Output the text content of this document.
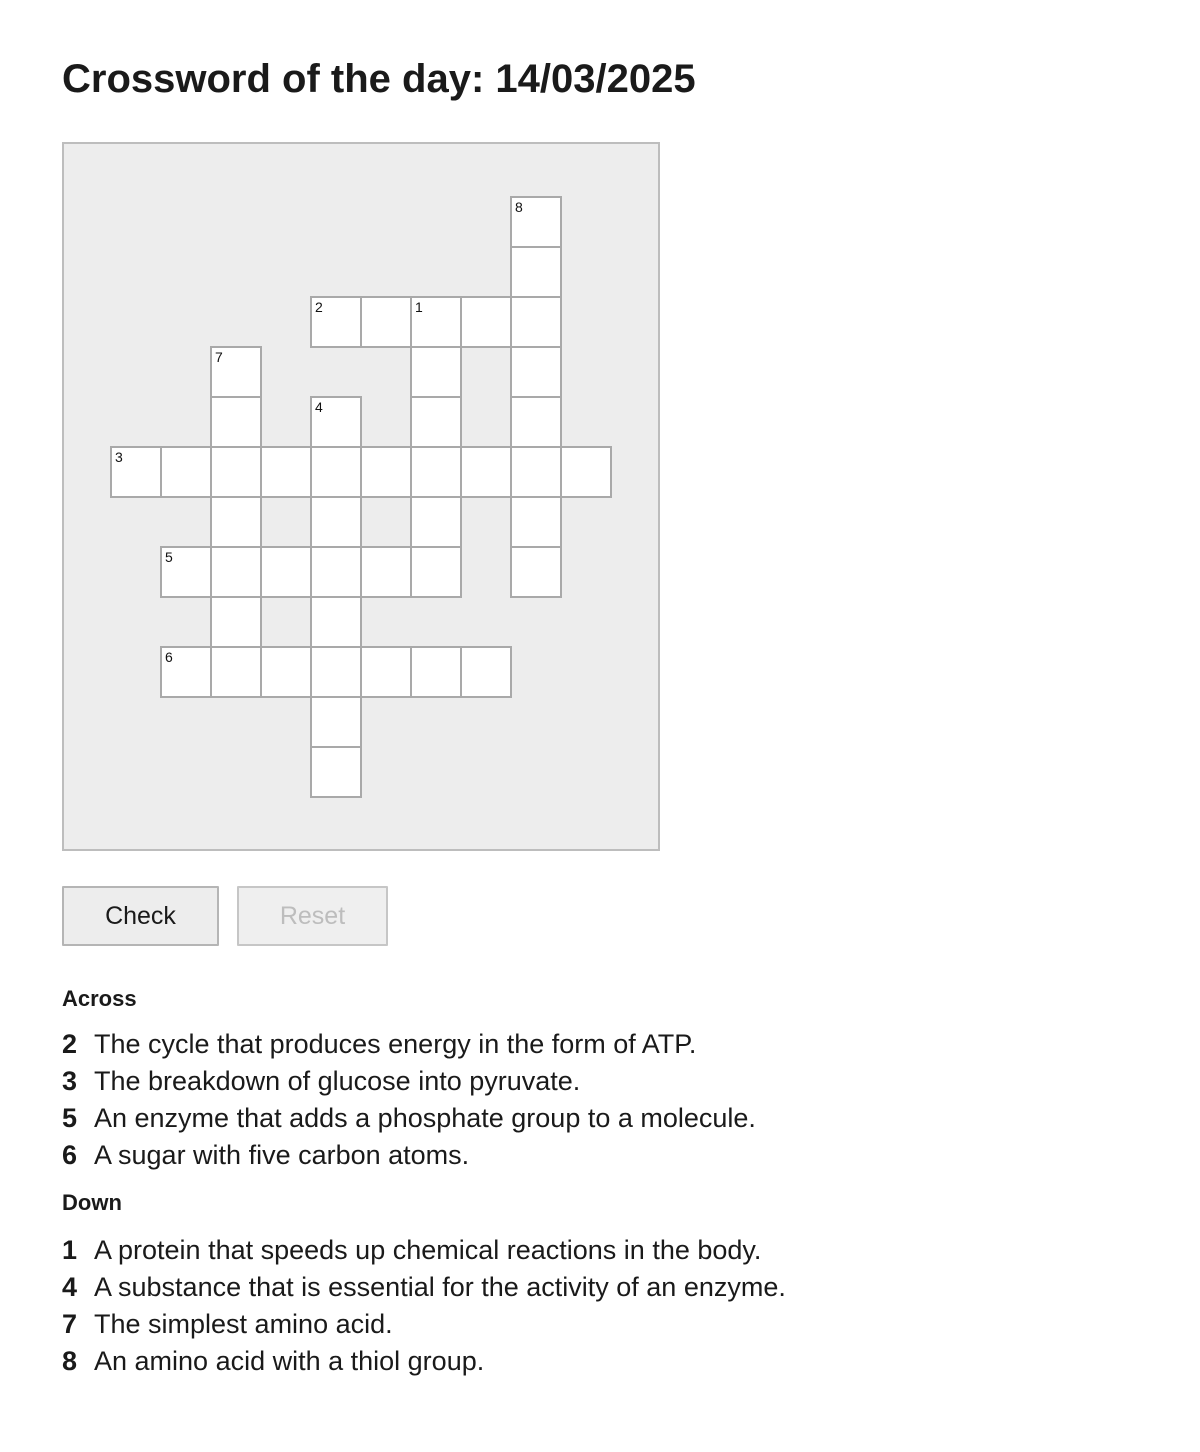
Crossword of the day: 14/03/2025
8
2	1
7
4
3
5
6
Check	Reset
Across
2 The cycle that produces energy in the form of ATP.
3 The breakdown of glucose into pyruvate.
5 An enzyme that adds a phosphate group to a molecule.
6 A sugar with five carbon atoms.
Down
1 A protein that speeds up chemical reactions in the body.
4 A substance that is essential for the activity of an enzyme.
7 The simplest amino acid.
8 An amino acid with a thiol group.
